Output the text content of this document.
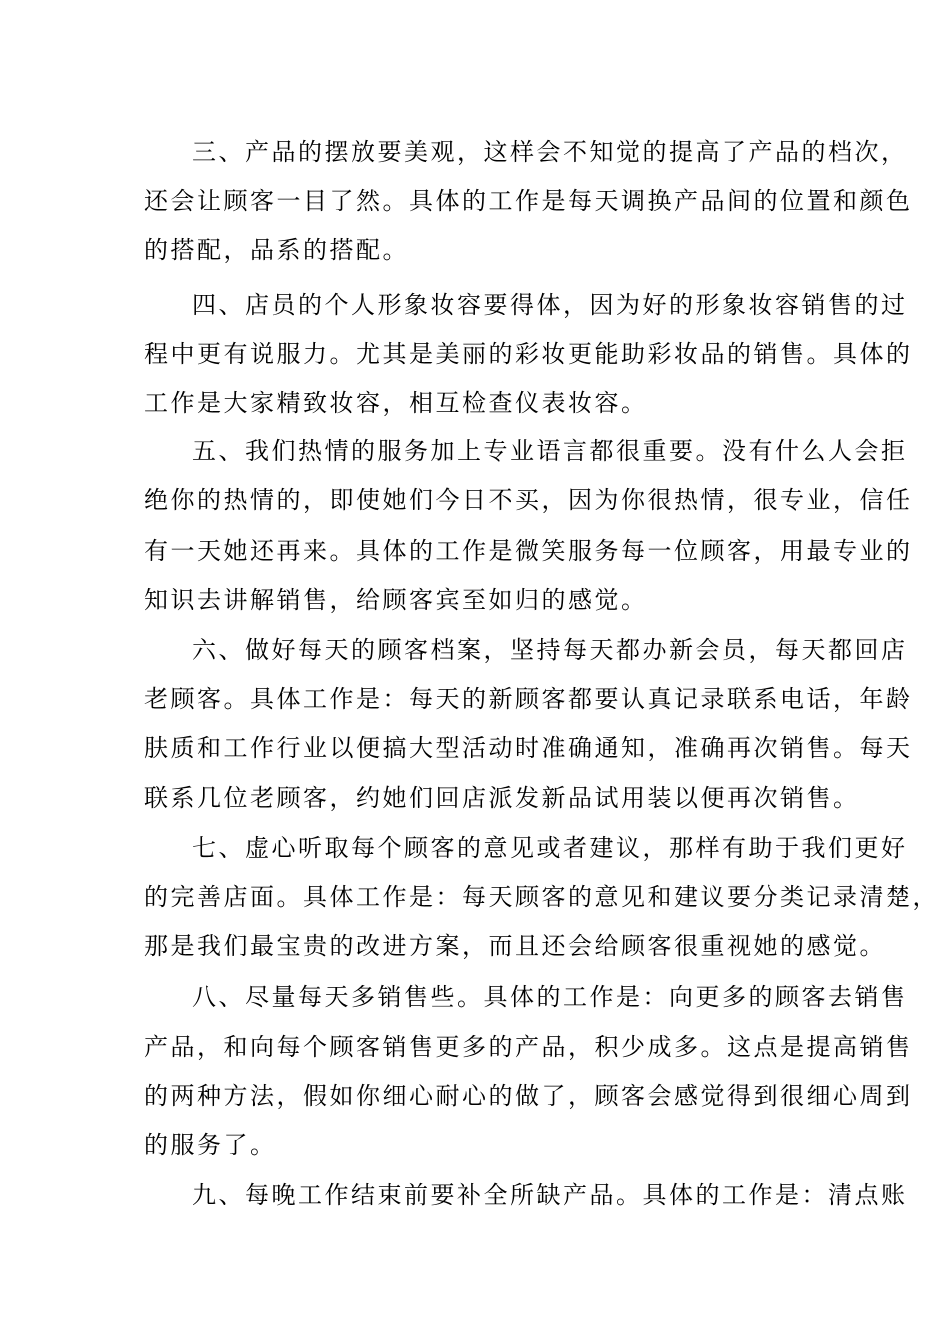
三、产品的摆放要美观，这样会不知觉的提高了产品的档次，
还会让顾客一目了然。具体的工作是每天调换产品间的位置和颜色
的搭配，品系的搭配。
四、店员的个人形象妆容要得体，因为好的形象妆容销售的过
程中更有说服力。尤其是美丽的彩妆更能助彩妆品的销售。具体的
工作是大家精致妆容，相互检查仪表妆容。
五、我们热情的服务加上专业语言都很重要。没有什么人会拒
绝你的热情的，即使她们今日不买，因为你很热情，很专业，信任
有一天她还再来。具体的工作是微笑服务每一位顾客，用最专业的
知识去讲解销售，给顾客宾至如归的感觉。
六、做好每天的顾客档案，坚持每天都办新会员，每天都回店
老顾客。具体工作是：每天的新顾客都要认真记录联系电话，年龄
肤质和工作行业以便搞大型活动时准确通知，准确再次销售。每天
联系几位老顾客，约她们回店派发新品试用装以便再次销售。
七、虚心听取每个顾客的意见或者建议，那样有助于我们更好
的完善店面。具体工作是：每天顾客的意见和建议要分类记录清楚，
那是我们最宝贵的改进方案，而且还会给顾客很重视她的感觉。
八、尽量每天多销售些。具体的工作是：向更多的顾客去销售
产品，和向每个顾客销售更多的产品，积少成多。这点是提高销售
的两种方法，假如你细心耐心的做了，顾客会感觉得到很细心周到
的服务了。
九、每晚工作结束前要补全所缺产品。具体的工作是：清点账
